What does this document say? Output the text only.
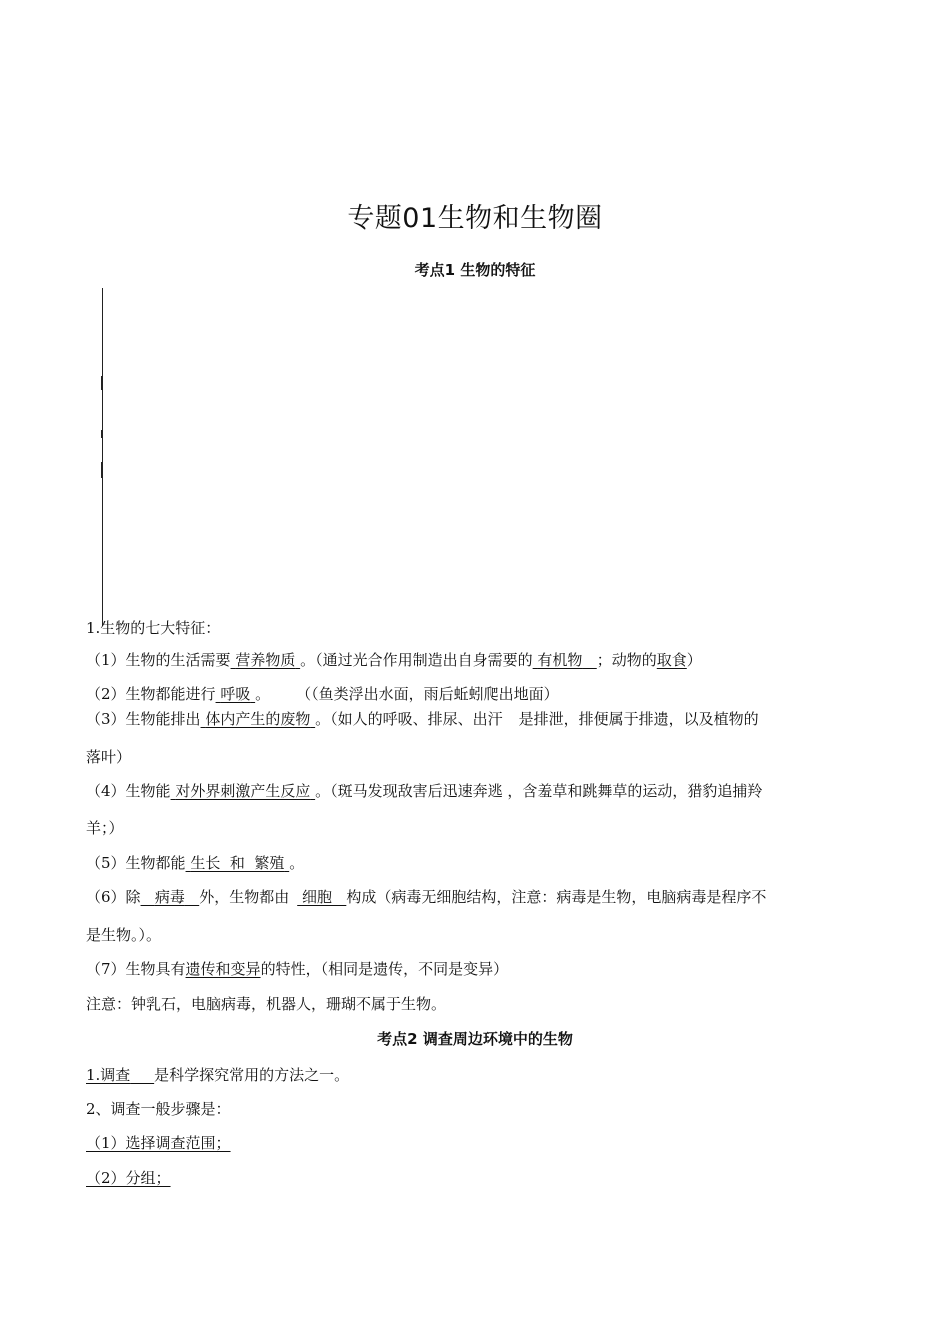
专题01生物和生物圈
考点1 生物的特征
1.生物的七大特征：
（1）生物的生活需要 营养物质 。（通过光合作用制造出自身需要的 有机物 ；动物的取食）
（2）生物都能进行 呼吸 。 （（鱼类浮出水面，雨后蚯蚓爬出地面）
（3）生物能排出 体内产生的废物 。（如人的呼吸、排尿、出汗 是排泄，排便属于排遗，以及植物的
落叶）
（4）生物能 对外界刺激产生反应 。（斑马发现敌害后迅速奔逃 ，含羞草和跳舞草的运动，猎豹追捕羚
羊；）
（5）生物都能 生长  和  繁殖 。
（6）除 病毒 外，生物都由 细胞 构成（病毒无细胞结构，注意：病毒是生物，电脑病毒是程序不
是生物。）。
（7）生物具有遗传和变异的特性，（相同是遗传，不同是变异）
注意：钟乳石，电脑病毒，机器人，珊瑚不属于生物。
考点2 调查周边环境中的生物
1.调查 是科学探究常用的方法之一。
2、调查一般步骤是：
（1）选择调查范围；
（2）分组；
